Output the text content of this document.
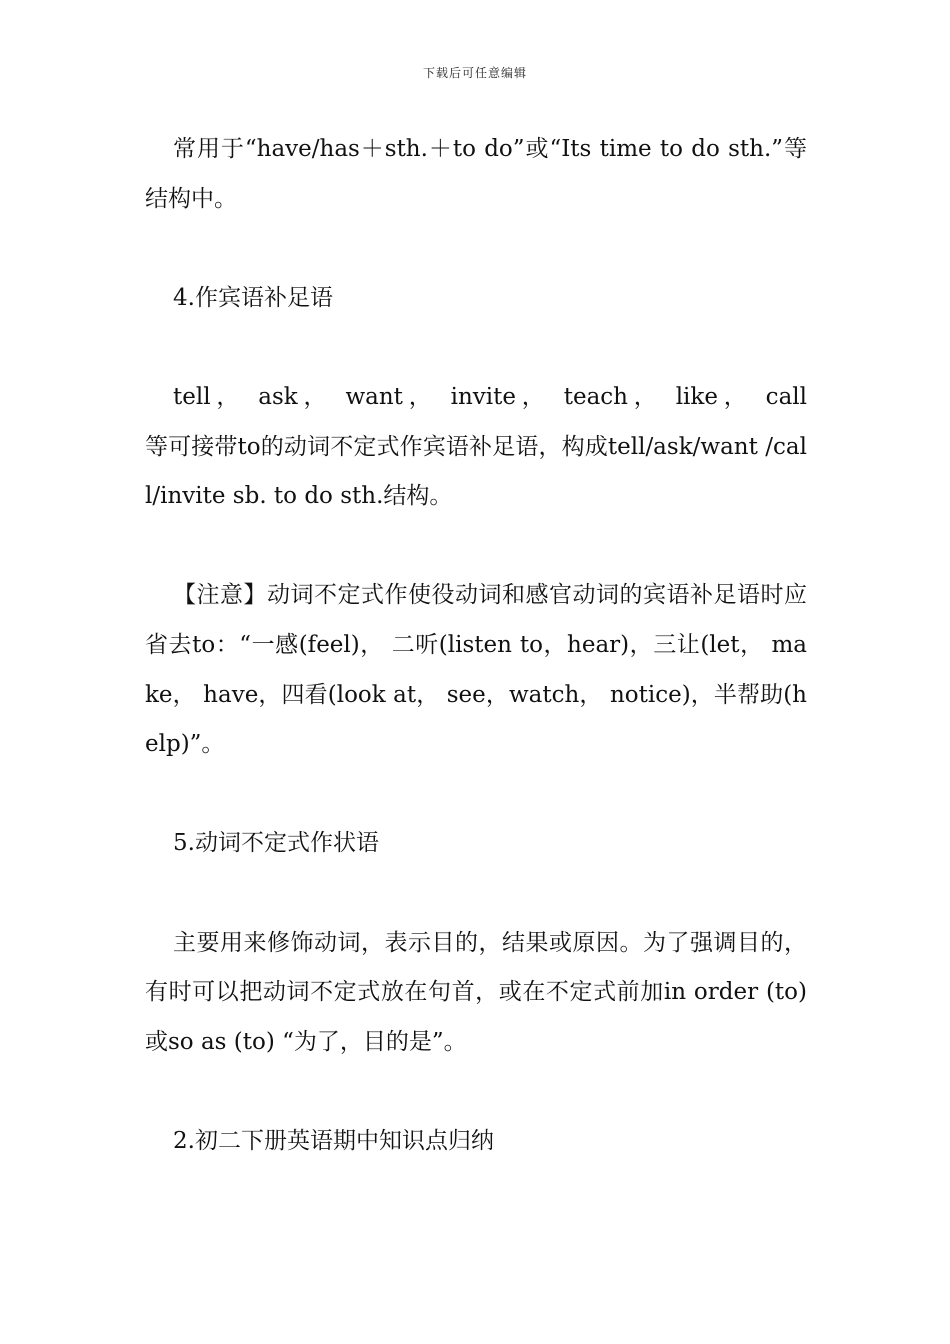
下载后可任意编辑

常用于“have/has＋sth.＋to do”或“Its time to do sth.”等结构中。

4.作宾语补足语

tell， ask， want， invite， teach， like， call

等可接带to的动词不定式作宾语补足语，构成tell/ask/want /call/invite sb. to do sth.结构。

【注意】动词不定式作使役动词和感官动词的宾语补足语时应省去to：“一感(feel)， 二听(listen to，hear)，三让(let， make， have，四看(look at， see，watch， notice)，半帮助(help)”。

5.动词不定式作状语

主要用来修饰动词，表示目的，结果或原因。为了强调目的，有时可以把动词不定式放在句首，或在不定式前加in order (to) 或so as (to) “为了，目的是”。

2.初二下册英语期中知识点归纳
